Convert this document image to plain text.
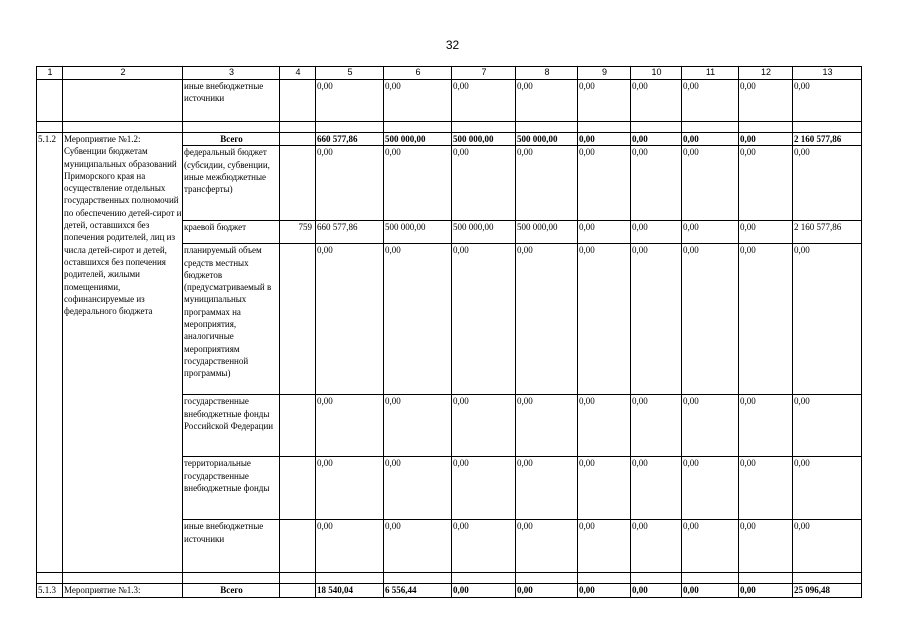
32
1	2	3	4	5	6	7	8	9	10	11	12	13
		иные внебюджетные источники		0,00	0,00	0,00	0,00	0,00	0,00	0,00	0,00	0,00

5.1.2	Мероприятие №1.2: Субвенции бюджетам муниципальных образований Приморского края на осуществление отдельных государственных полномочий по обеспечению детей-сирот и детей, оставшихся без попечения родителей, лиц из числа детей-сирот и детей, оставшихся без попечения родителей, жилыми помещениями, софинансируемые из федерального бюджета	Всего		660 577,86	500 000,00	500 000,00	500 000,00	0,00	0,00	0,00	0,00	2 160 577,86
		федеральный бюджет (субсидии, субвенции, иные межбюджетные трансферты)		0,00	0,00	0,00	0,00	0,00	0,00	0,00	0,00	0,00
		краевой бюджет	759	660 577,86	500 000,00	500 000,00	500 000,00	0,00	0,00	0,00	0,00	2 160 577,86
		планируемый объем средств местных бюджетов (предусматриваемый в муниципальных программах на мероприятия, аналогичные мероприятиям государственной программы)		0,00	0,00	0,00	0,00	0,00	0,00	0,00	0,00	0,00
		государственные внебюджетные фонды Российской Федерации		0,00	0,00	0,00	0,00	0,00	0,00	0,00	0,00	0,00
		территориальные государственные внебюджетные фонды		0,00	0,00	0,00	0,00	0,00	0,00	0,00	0,00	0,00
		иные внебюджетные источники		0,00	0,00	0,00	0,00	0,00	0,00	0,00	0,00	0,00

5.1.3	Мероприятие №1.3:	Всего		18 540,04	6 556,44	0,00	0,00	0,00	0,00	0,00	0,00	25 096,48
